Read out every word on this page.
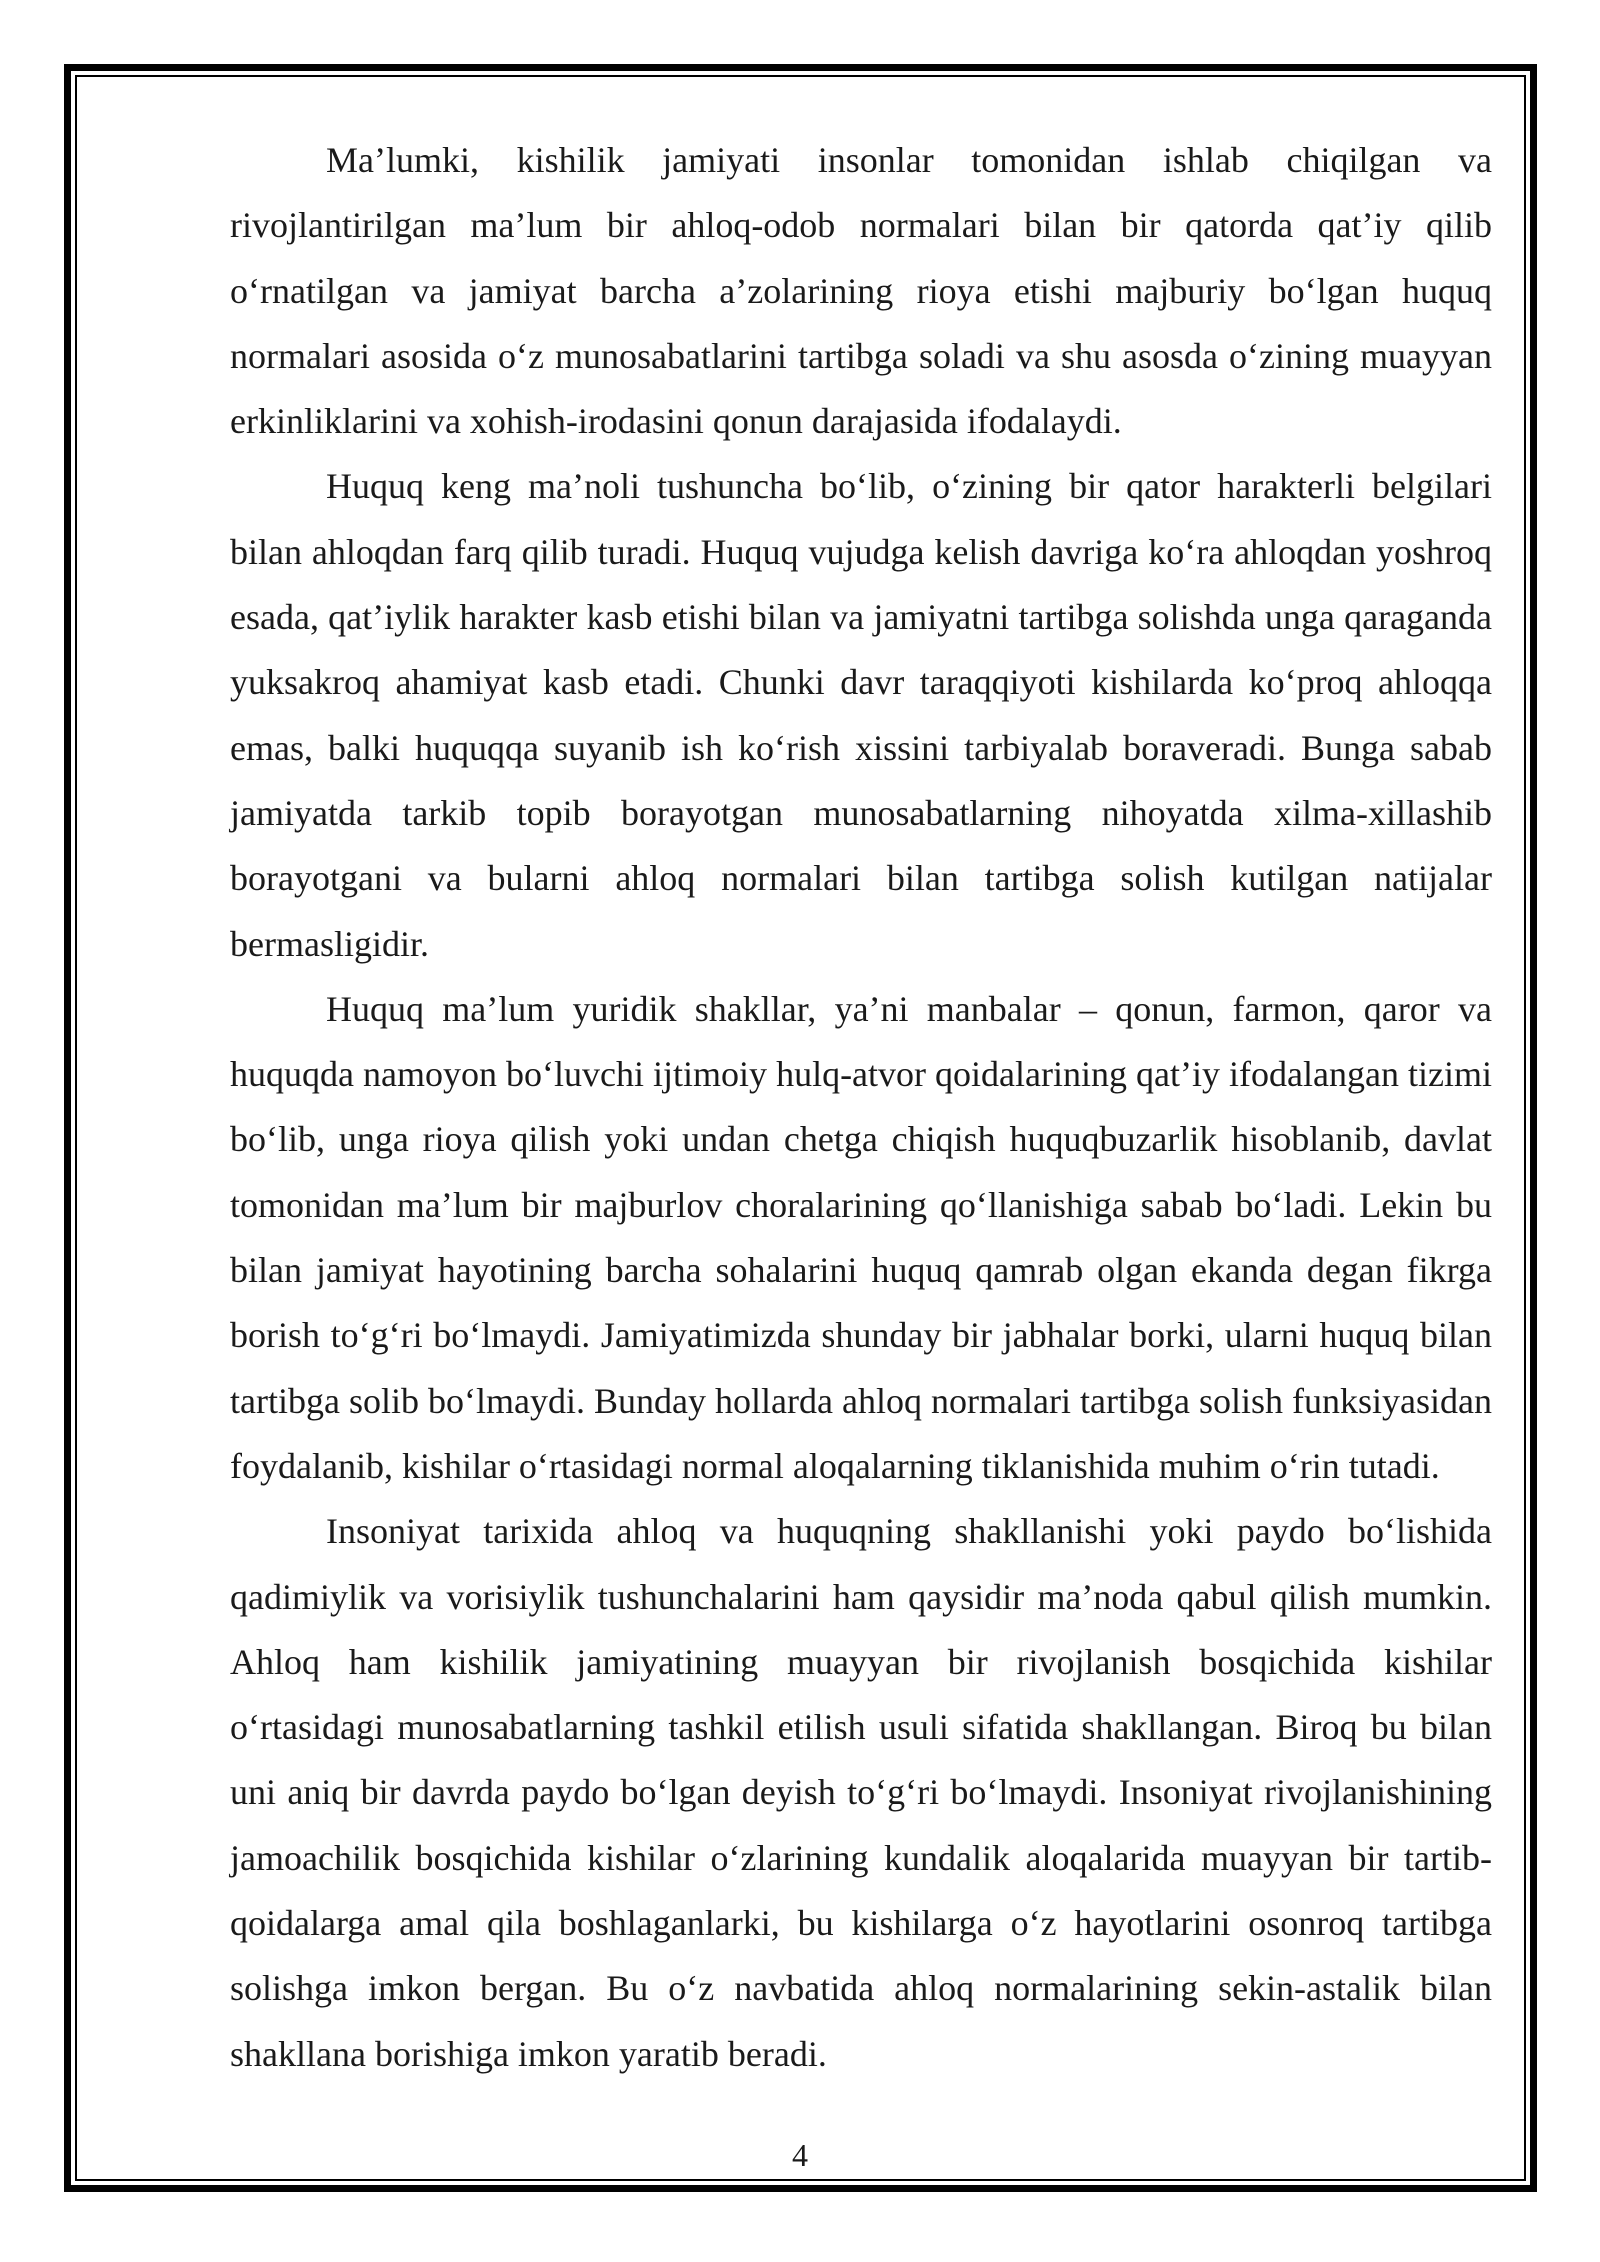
Ma’lumki, kishilik jamiyati insonlar tomonidan ishlab chiqilgan va rivojlantirilgan ma’lum bir ahloq-odob normalari bilan bir qatorda qat’iy qilib o‘rnatilgan va jamiyat barcha a’zolarining rioya etishi majburiy bo‘lgan huquq normalari asosida o‘z munosabatlarini tartibga soladi va shu asosda o‘zining muayyan erkinliklarini va xohish-irodasini qonun darajasida ifodalaydi.

Huquq keng ma’noli tushuncha bo‘lib, o‘zining bir qator harakterli belgilari bilan ahloqdan farq qilib turadi. Huquq vujudga kelish davriga ko‘ra ahloqdan yoshroq esada, qat’iylik harakter kasb etishi bilan va jamiyatni tartibga solishda unga qaraganda yuksakroq ahamiyat kasb etadi. Chunki davr taraqqiyoti kishilarda ko‘proq ahloqqa emas, balki huquqqa suyanib ish ko‘rish xissini tarbiyalab boraveradi. Bunga sabab jamiyatda tarkib topib borayotgan munosabatlarning nihoyatda xilma-xillashib borayotgani va bularni ahloq normalari bilan tartibga solish kutilgan natijalar bermasligidir.

Huquq ma’lum yuridik shakllar, ya’ni manbalar – qonun, farmon, qaror va huquqda namoyon bo‘luvchi ijtimoiy hulq-atvor qoidalarining qat’iy ifodalangan tizimi bo‘lib, unga rioya qilish yoki undan chetga chiqish huquqbuzarlik hisoblanib, davlat tomonidan ma’lum bir majburlov choralarining qo‘llanishiga sabab bo‘ladi. Lekin bu bilan jamiyat hayotining barcha sohalarini huquq qamrab olgan ekanda degan fikrga borish to‘g‘ri bo‘lmaydi. Jamiyatimizda shunday bir jabhalar borki, ularni huquq bilan tartibga solib bo‘lmaydi. Bunday hollarda ahloq normalari tartibga solish funksiyasidan foydalanib, kishilar o‘rtasidagi normal aloqalarning tiklanishida muhim o‘rin tutadi.

Insoniyat tarixida ahloq va huquqning shakllanishi yoki paydo bo‘lishida qadimiylik va vorisiylik tushunchalarini ham qaysidir ma’noda qabul qilish mumkin. Ahloq ham kishilik jamiyatining muayyan bir rivojlanish bosqichida kishilar o‘rtasidagi munosabatlarning tashkil etilish usuli sifatida shakllangan. Biroq bu bilan uni aniq bir davrda paydo bo‘lgan deyish to‘g‘ri bo‘lmaydi. Insoniyat rivojlanishining jamoachilik bosqichida kishilar o‘zlarining kundalik aloqalarida muayyan bir tartib-qoidalarga amal qila boshlaganlarki, bu kishilarga o‘z hayotlarini osonroq tartibga solishga imkon bergan. Bu o‘z navbatida ahloq normalarining sekin-astalik bilan shakllana borishiga imkon yaratib beradi.

4
